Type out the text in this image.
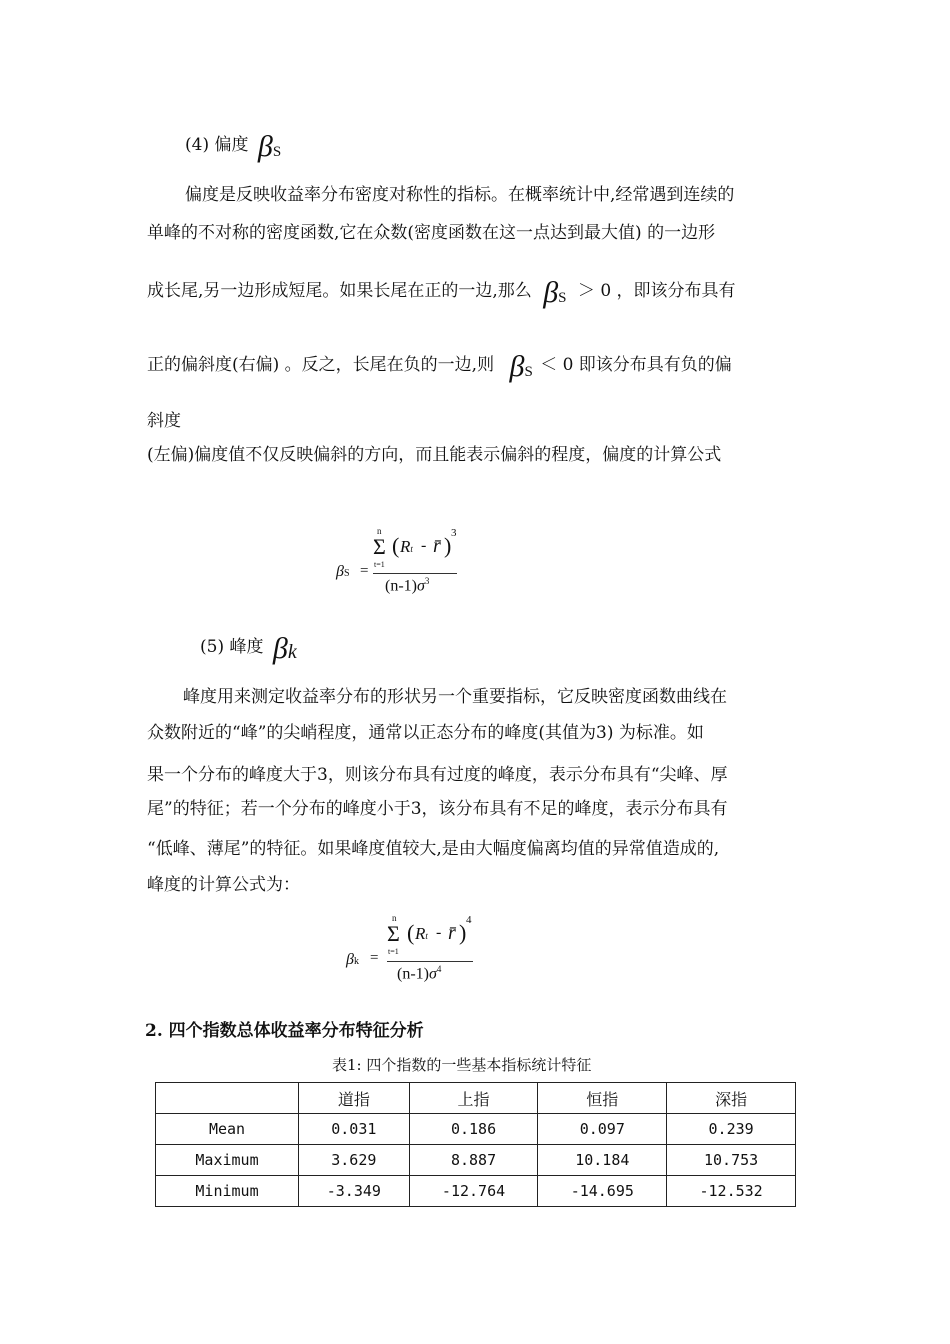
(4) 偏度 βS
偏度是反映收益率分布密度对称性的指标。在概率统计中,经常遇到连续的
单峰的不对称的密度函数,它在众数(密度函数在这一点达到最大值) 的一边形
成长尾,另一边形成短尾。如果长尾在正的一边,那么 βS ＞ 0 ，即该分布具有
正的偏斜度(右偏) 。反之，长尾在负的一边,则 βS ＜ 0 即该分布具有负的偏
斜度
(左偏)偏度值不仅反映偏斜的方向，而且能表示偏斜的程度，偏度的计算公式
βS =
n
Σ
t=1
( Rt - r̄ ) 3
$(n-1)\sigma^3$
(5) 峰度 βk
峰度用来测定收益率分布的形状另一个重要指标，它反映密度函数曲线在
众数附近的“峰”的尖峭程度，通常以正态分布的峰度(其值为3) 为标准。如
果一个分布的峰度大于3，则该分布具有过度的峰度，表示分布具有“尖峰、厚
尾”的特征；若一个分布的峰度小于3，该分布具有不足的峰度，表示分布具有
“低峰、薄尾”的特征。如果峰度值较大,是由大幅度偏离均值的异常值造成的,
峰度的计算公式为：
βk =
n
Σ
t=1
( Rt - r̄ ) 4
$(n-1)\sigma^4$
2. 四个指数总体收益率分布特征分析
表1: 四个指数的一些基本指标统计特征
	道指	上指	恒指	深指
Mean	0.031	0.186	0.097	0.239
Maximum	3.629	8.887	10.184	10.753
Minimum	-3.349	-12.764	-14.695	-12.532
